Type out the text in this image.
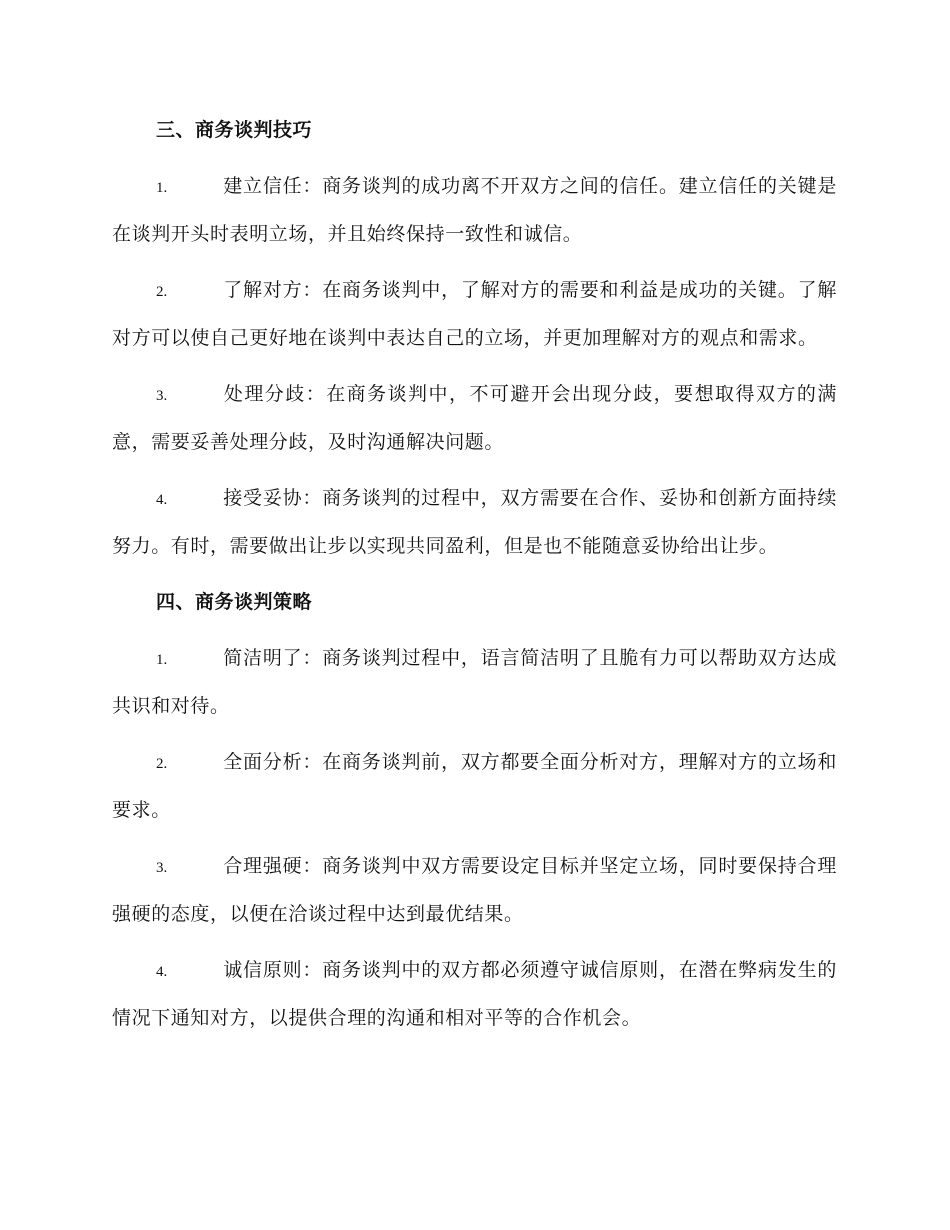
三、商务谈判技巧

1.	建立信任：商务谈判的成功离不开双方之间的信任。建立信任的关键是在谈判开头时表明立场，并且始终保持一致性和诚信。

2.	了解对方：在商务谈判中，了解对方的需要和利益是成功的关键。了解对方可以使自己更好地在谈判中表达自己的立场，并更加理解对方的观点和需求。

3.	处理分歧：在商务谈判中，不可避开会出现分歧，要想取得双方的满意，需要妥善处理分歧，及时沟通解决问题。

4.	接受妥协：商务谈判的过程中，双方需要在合作、妥协和创新方面持续努力。有时，需要做出让步以实现共同盈利，但是也不能随意妥协给出让步。

四、商务谈判策略

1.	简洁明了：商务谈判过程中，语言简洁明了且脆有力可以帮助双方达成共识和对待。

2.	全面分析：在商务谈判前，双方都要全面分析对方，理解对方的立场和要求。

3.	合理强硬：商务谈判中双方需要设定目标并坚定立场，同时要保持合理强硬的态度，以便在洽谈过程中达到最优结果。

4.	诚信原则：商务谈判中的双方都必须遵守诚信原则，在潜在弊病发生的情况下通知对方，以提供合理的沟通和相对平等的合作机会。
